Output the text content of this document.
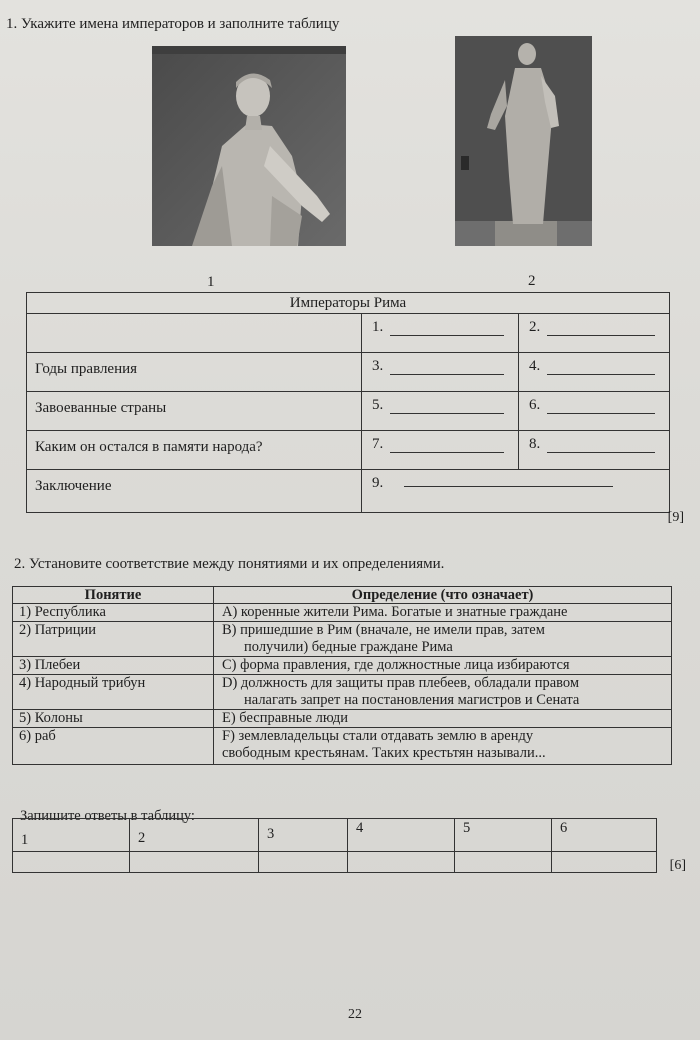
1. Укажите имена императоров и заполните таблицу
1	2
Императоры Рима		

	1.	2.

Годы правления	3.	4.

Завоеванные страны	5.	6.

Каким он остался в памяти народа?	7.	8.

Заключение	9.	
[9]
2. Установите соответствие между понятиями и их определениями.
Понятие	Определение (что означает)
1) Республика	A) коренные жители Рима. Богатые и знатные граждане
2) Патриции	B) пришедшие в Рим (вначале, не имели прав, затем
получили) бедные граждане Рима

3) Плебеи	C) форма правления, где должностные лица избираются
4) Народный трибун	D) должность для защиты прав плебеев, обладали правом
налагать запрет на постановления магистров и Сената

5) Колоны	E) бесправные люди
6) раб	F) землевладельцы стали отдавать землю в аренду
свободным крестьянам. Таких крестьтян называли...
Запишите ответы в таблицу:
1	2	3	4	5	6

[6]
22
